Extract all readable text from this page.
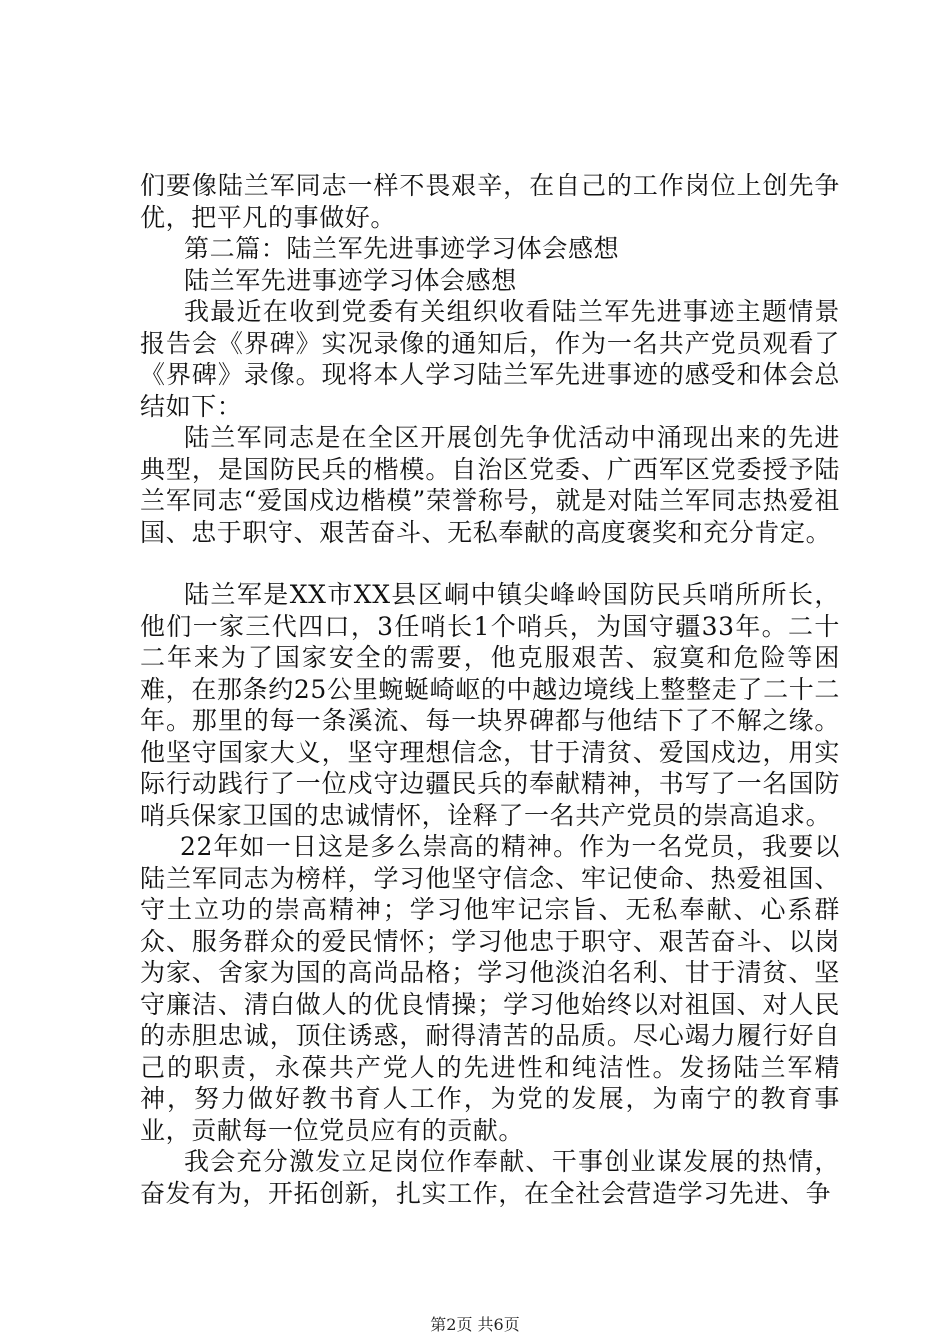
们要像陆兰军同志一样不畏艰辛，在自己的工作岗位上创先争优，把平凡的事做好。

第二篇：陆兰军先进事迹学习体会感想

陆兰军先进事迹学习体会感想

我最近在收到党委有关组织收看陆兰军先进事迹主题情景报告会《界碑》实况录像的通知后，作为一名共产党员观看了《界碑》录像。现将本人学习陆兰军先进事迹的感受和体会总结如下：

陆兰军同志是在全区开展创先争优活动中涌现出来的先进典型，是国防民兵的楷模。自治区党委、广西军区党委授予陆兰军同志“爱国戍边楷模”荣誉称号，就是对陆兰军同志热爱祖国、忠于职守、艰苦奋斗、无私奉献的高度褒奖和充分肯定。

陆兰军是XX市XX县区峒中镇尖峰岭国防民兵哨所所长，他们一家三代四口，3任哨长1个哨兵，为国守疆33年。二十二年来为了国家安全的需要，他克服艰苦、寂寞和危险等困难，在那条约25公里蜿蜒崎岖的中越边境线上整整走了二十二年。那里的每一条溪流、每一块界碑都与他结下了不解之缘。他坚守国家大义，坚守理想信念，甘于清贫、爱国戍边，用实际行动践行了一位戍守边疆民兵的奉献精神，书写了一名国防哨兵保家卫国的忠诚情怀，诠释了一名共产党员的崇高追求。

22年如一日这是多么崇高的精神。作为一名党员，我要以陆兰军同志为榜样，学习他坚守信念、牢记使命、热爱祖国、守土立功的崇高精神；学习他牢记宗旨、无私奉献、心系群众、服务群众的爱民情怀；学习他忠于职守、艰苦奋斗、以岗为家、舍家为国的高尚品格；学习他淡泊名利、甘于清贫、坚守廉洁、清白做人的优良情操；学习他始终以对祖国、对人民的赤胆忠诚，顶住诱惑，耐得清苦的品质。尽心竭力履行好自己的职责，永葆共产党人的先进性和纯洁性。发扬陆兰军精神，努力做好教书育人工作，为党的发展，为南宁的教育事业，贡献每一位党员应有的贡献。

我会充分激发立足岗位作奉献、干事创业谋发展的热情，奋发有为，开拓创新，扎实工作，在全社会营造学习先进、争

第2页 共6页
